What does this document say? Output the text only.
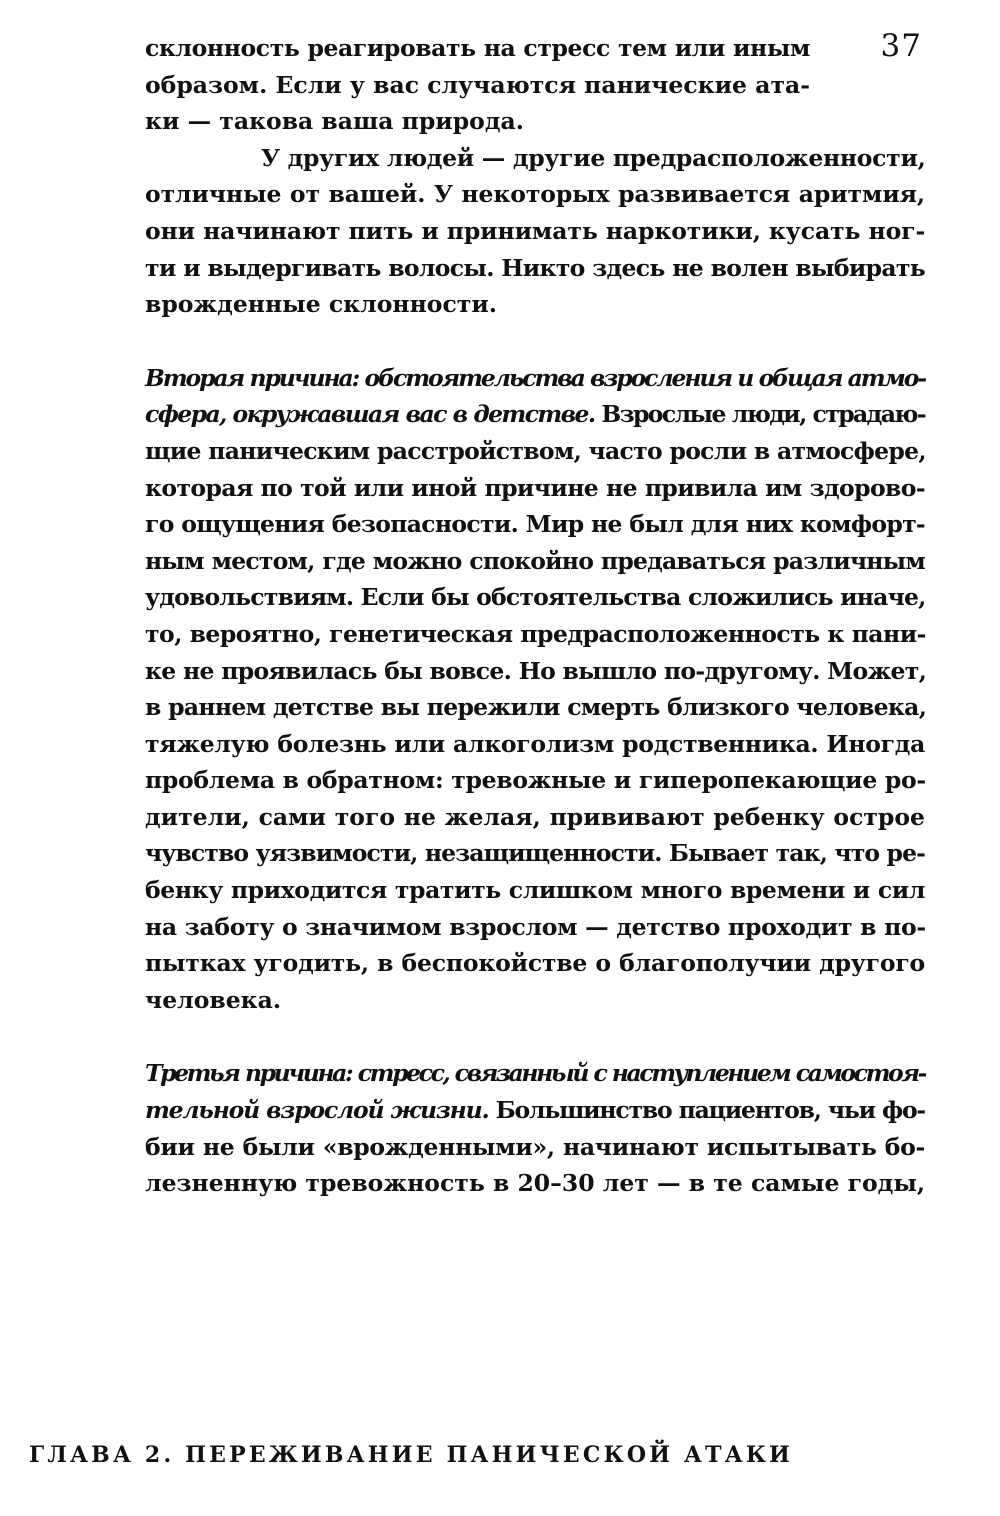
37
склонность реагировать на стресс тем или иным
образом. Если у вас случаются панические ата-
ки — такова ваша природа.
У других людей — другие предрасположенности,
отличные от вашей. У некоторых развивается аритмия,
они начинают пить и принимать наркотики, кусать ног-
ти и выдергивать волосы. Никто здесь не волен выбирать
врожденные склонности.
Вторая причина: обстоятельства взросления и общая атмо-
сфера, окружавшая вас в детстве. Взрослые люди, страдаю-
щие паническим расстройством, часто росли в атмосфере,
которая по той или иной причине не привила им здорово-
го ощущения безопасности. Мир не был для них комфорт-
ным местом, где можно спокойно предаваться различным
удовольствиям. Если бы обстоятельства сложились иначе,
то, вероятно, генетическая предрасположенность к пани-
ке не проявилась бы вовсе. Но вышло по-другому. Может,
в раннем детстве вы пережили смерть близкого человека,
тяжелую болезнь или алкоголизм родственника. Иногда
проблема в обратном: тревожные и гиперопекающие ро-
дители, сами того не желая, прививают ребенку острое
чувство уязвимости, незащищенности. Бывает так, что ре-
бенку приходится тратить слишком много времени и сил
на заботу о значимом взрослом — детство проходит в по-
пытках угодить, в беспокойстве о благополучии другого
человека.
Третья причина: стресс, связанный с наступлением самостоя-
тельной взрослой жизни. Большинство пациентов, чьи фо-
бии не были «врожденными», начинают испытывать бо-
лезненную тревожность в 20–30 лет — в те самые годы,
ГЛАВА 2. ПЕРЕЖИВАНИЕ ПАНИЧЕСКОЙ АТАКИ
